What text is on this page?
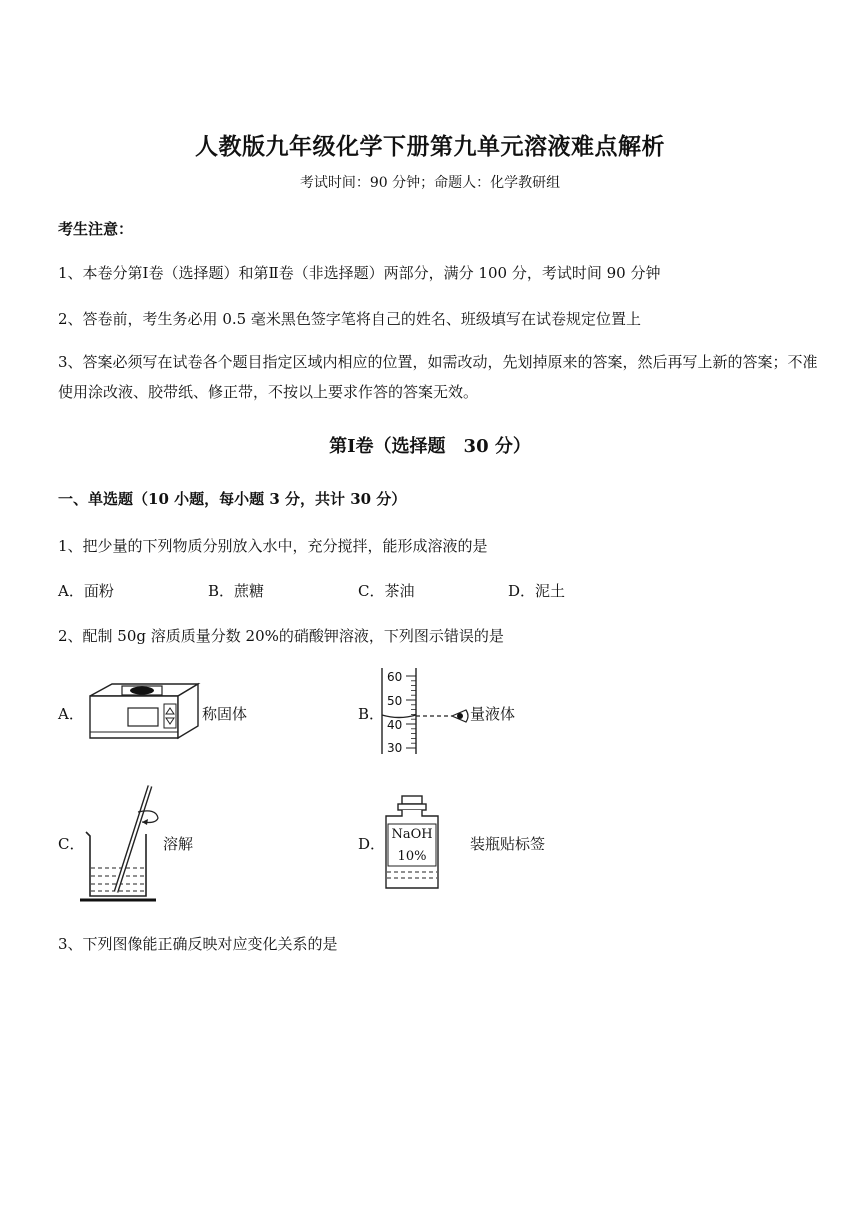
人教版九年级化学下册第九单元溶液难点解析
考试时间：90 分钟；命题人：化学教研组
考生注意：
1、本卷分第Ⅰ卷（选择题）和第Ⅱ卷（非选择题）两部分，满分 100 分，考试时间 90 分钟
2、答卷前，考生务必用 0.5 毫米黑色签字笔将自己的姓名、班级填写在试卷规定位置上
3、答案必须写在试卷各个题目指定区域内相应的位置，如需改动，先划掉原来的答案，然后再写上新的答案；不准使用涂改液、胶带纸、修正带，不按以上要求作答的答案无效。
第Ⅰ卷（选择题　30 分）
一、单选题（10 小题，每小题 3 分，共计 30 分）
1、把少量的下列物质分别放入水中，充分搅拌，能形成溶液的是
A．面粉	B．蔗糖	C．茶油	D．泥土
2、配制 50g 溶质质量分数 20%的硝酸钾溶液，下列图示错误的是
A．	称固体	B．
60
50
40
30
量液体
C．	溶解	D．
NaOH
10%
装瓶贴标签
3、下列图像能正确反映对应变化关系的是
